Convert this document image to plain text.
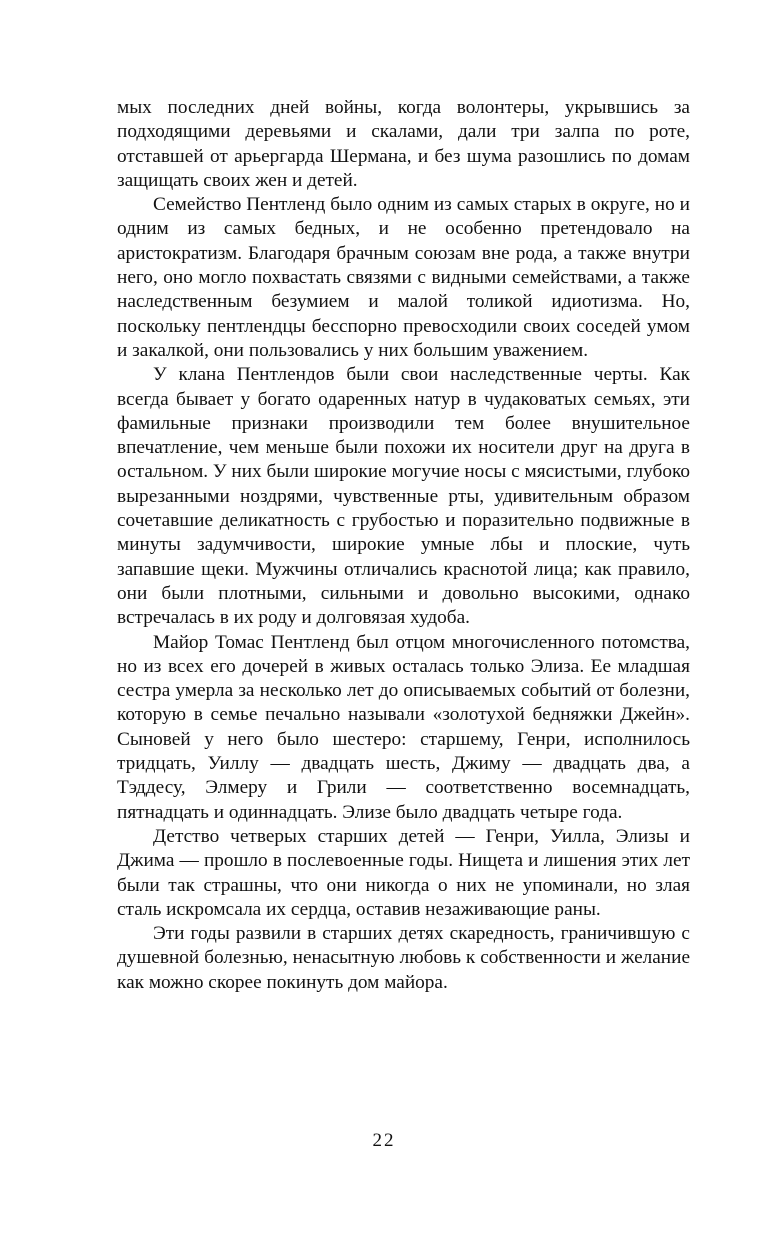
мых последних дней войны, когда волонтеры, укрывшись за подходящими деревьями и скалами, дали три залпа по роте, отставшей от арьергарда Шермана, и без шума разошлись по домам защищать своих жен и детей.

Семейство Пентленд было одним из самых старых в округе, но и одним из самых бедных, и не особенно претендовало на аристократизм. Благодаря брачным союзам вне рода, а также внутри него, оно могло похвастать связями с видными семействами, а также наследственным безумием и малой толикой идиотизма. Но, поскольку пентлендцы бесспорно превосходили своих соседей умом и закалкой, они пользовались у них большим уважением.

У клана Пентлендов были свои наследственные черты. Как всегда бывает у богато одаренных натур в чудаковатых семьях, эти фамильные признаки производили тем более внушительное впечатление, чем меньше были похожи их носители друг на друга в остальном. У них были широкие могучие носы с мясистыми, глубоко вырезанными ноздрями, чувственные рты, удивительным образом сочетавшие деликатность с грубостью и поразительно подвижные в минуты задумчивости, широкие умные лбы и плоские, чуть запавшие щеки. Мужчины отличались краснотой лица; как правило, они были плотными, сильными и довольно высокими, однако встречалась в их роду и долговязая худоба.

Майор Томас Пентленд был отцом многочисленного потомства, но из всех его дочерей в живых осталась только Элиза. Ее младшая сестра умерла за несколько лет до описываемых событий от болезни, которую в семье печально называли «золотухой бедняжки Джейн». Сыновей у него было шестеро: старшему, Генри, исполнилось тридцать, Уиллу — двадцать шесть, Джиму — двадцать два, а Тэддесу, Элмеру и Грили — соответственно восемнадцать, пятнадцать и одиннадцать. Элизе было двадцать четыре года.

Детство четверых старших детей — Генри, Уилла, Элизы и Джима — прошло в послевоенные годы. Нищета и лишения этих лет были так страшны, что они никогда о них не упоминали, но злая сталь искромсала их сердца, оставив незаживающие раны.

Эти годы развили в старших детях скаредность, граничившую с душевной болезнью, ненасытную любовь к собственности и желание как можно скорее покинуть дом майора.

22
